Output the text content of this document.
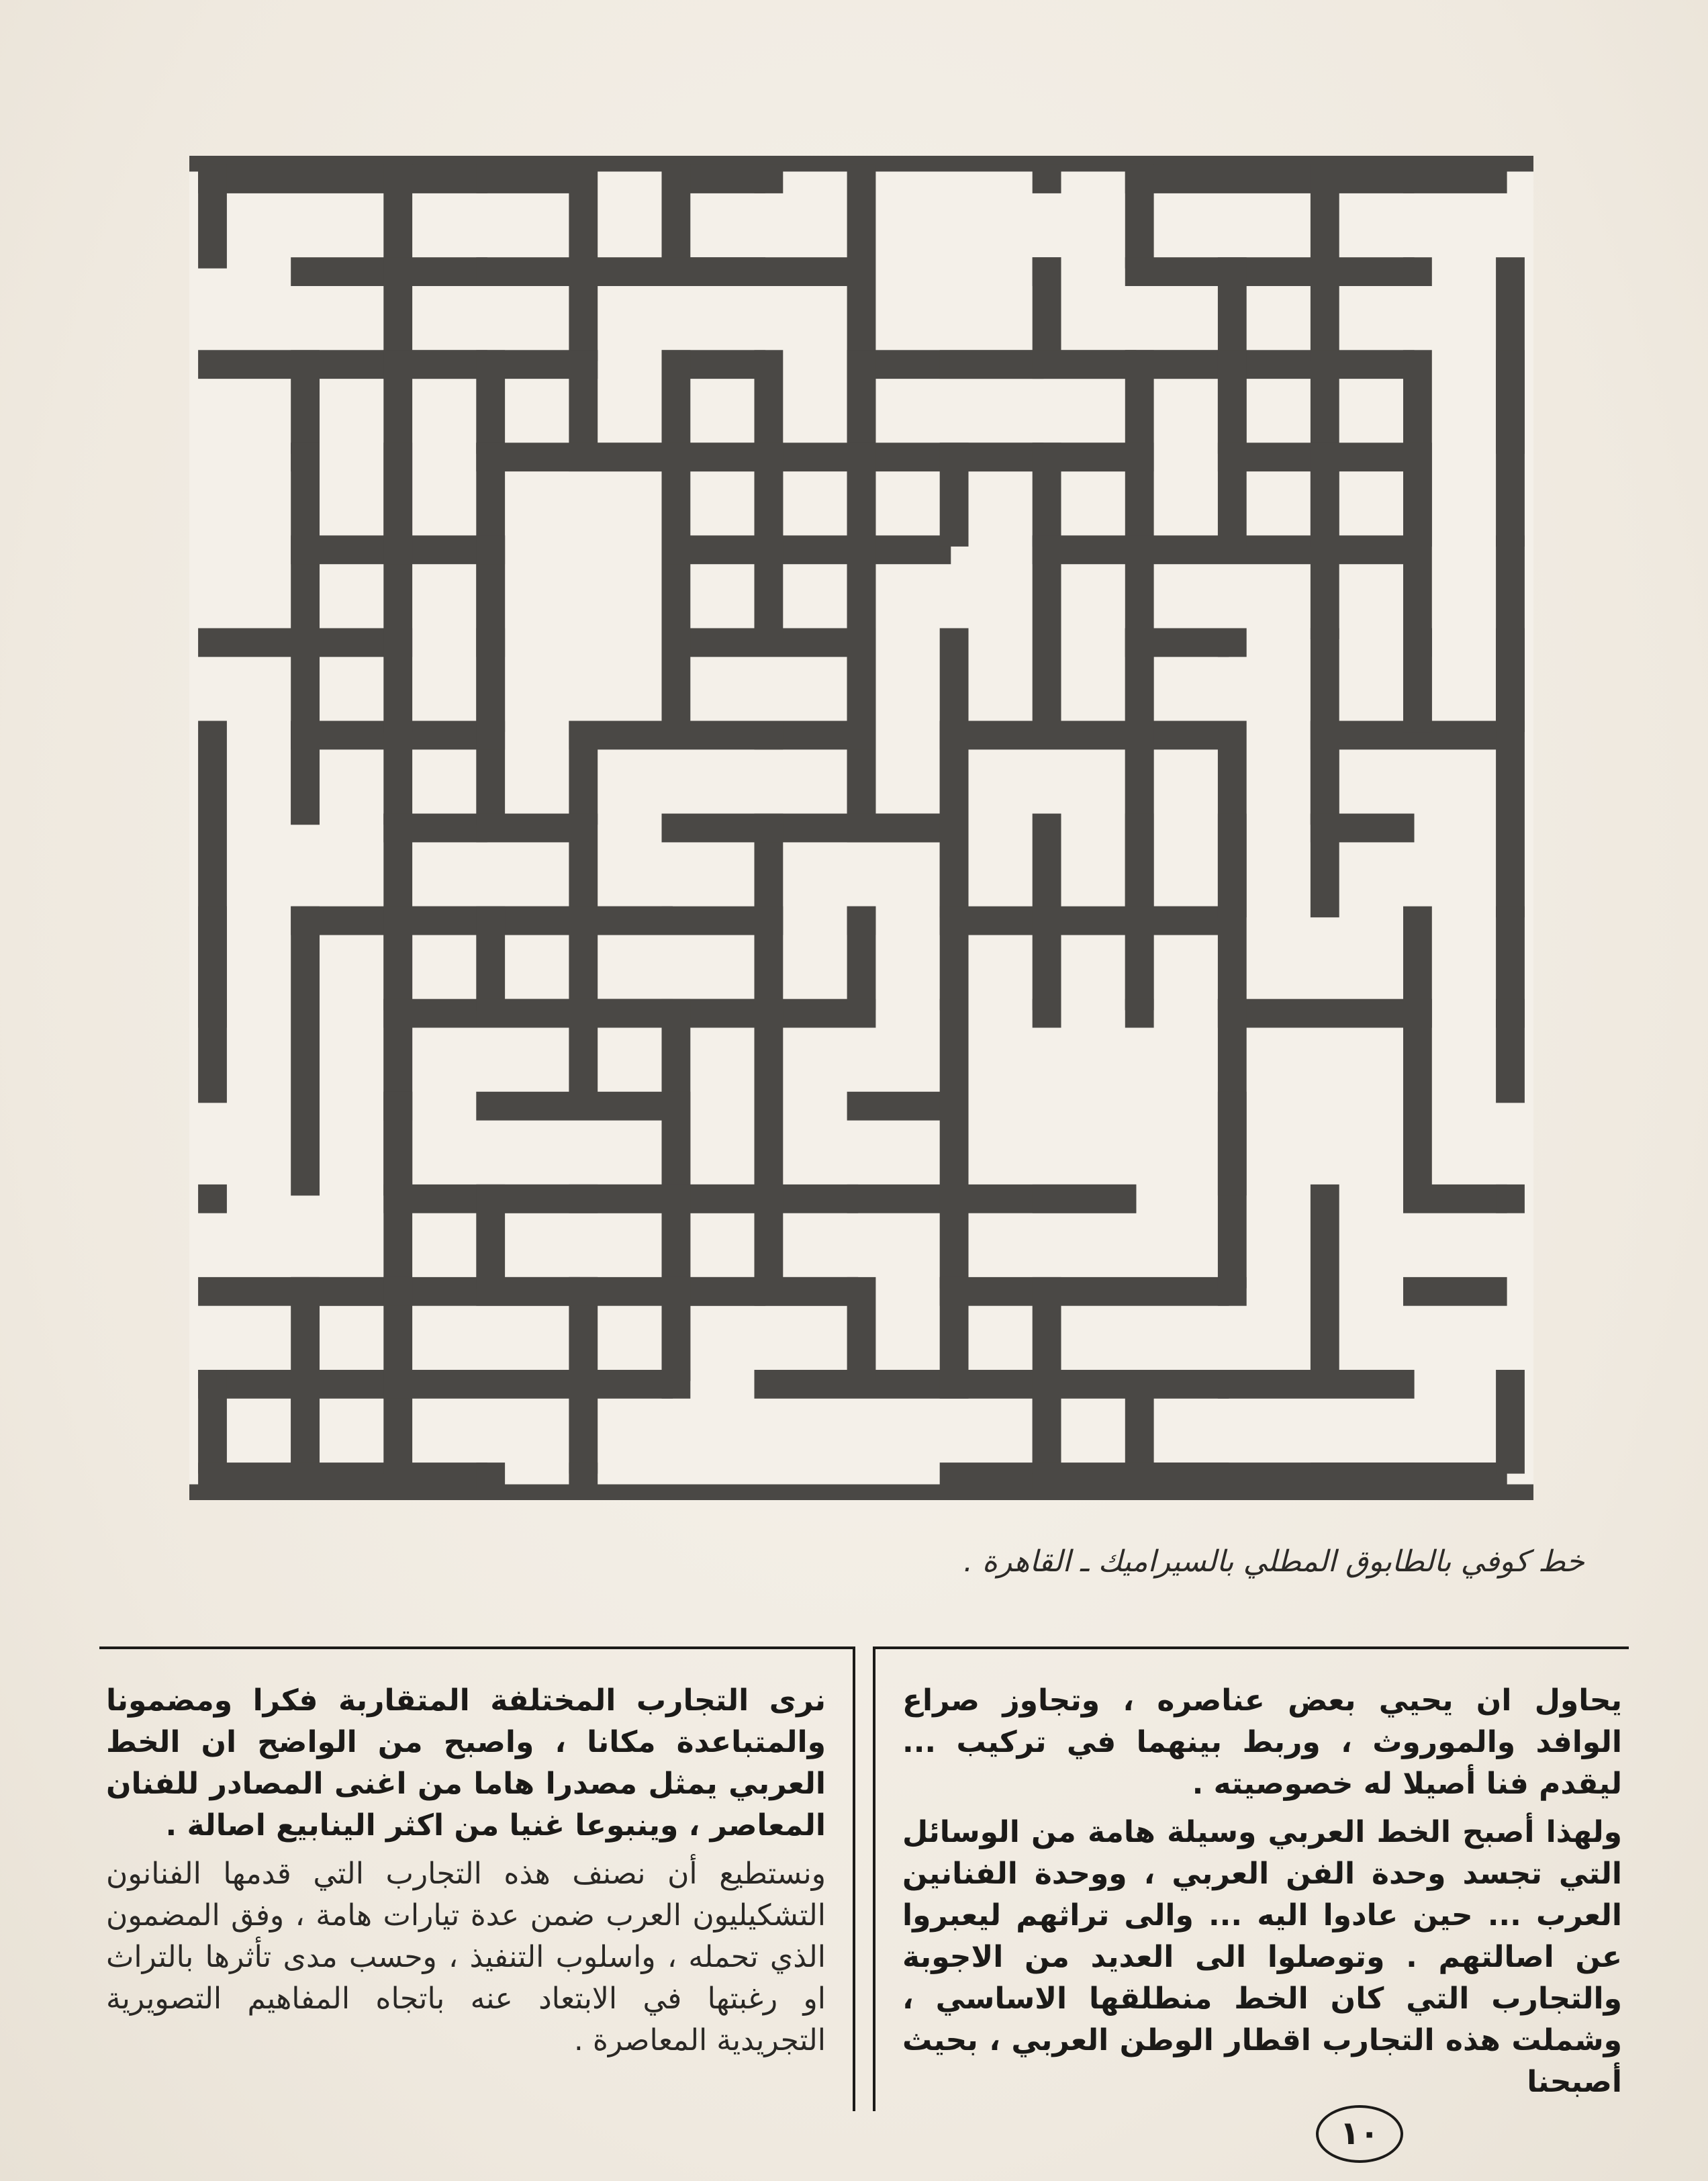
خط كوفي بالطابوق المطلي بالسيراميك ـ القاهرة .

يحاول ان يحيي بعض عناصره ، وتجاوز صراع الوافد والموروث ، وربط بينهما في تركيب ... ليقدم فنا أصيلا له خصوصيته .

ولهذا أصبح الخط العربي وسيلة هامة من الوسائل التي تجسد وحدة الفن العربي ، ووحدة الفنانين العرب ... حين عادوا اليه ... والى تراثهم ليعبروا عن اصالتهم . وتوصلوا الى العديد من الاجوبة والتجارب التي كان الخط منطلقها الاساسي ، وشملت هذه التجارب اقطار الوطن العربي ، بحيث أصبحنا

نرى التجارب المختلفة المتقاربة فكرا ومضمونا والمتباعدة مكانا ، واصبح من الواضح ان الخط العربي يمثل مصدرا هاما من اغنى المصادر للفنان المعاصر ، وينبوعا غنيا من اكثر الينابيع اصالة .

ونستطيع أن نصنف هذه التجارب التي قدمها الفنانون التشكيليون العرب ضمن عدة تيارات هامة ، وفق المضمون الذي تحمله ، واسلوب التنفيذ ، وحسب مدى تأثرها بالتراث او رغبتها في الابتعاد عنه باتجاه المفاهيم التصويرية التجريدية المعاصرة .

١٠
